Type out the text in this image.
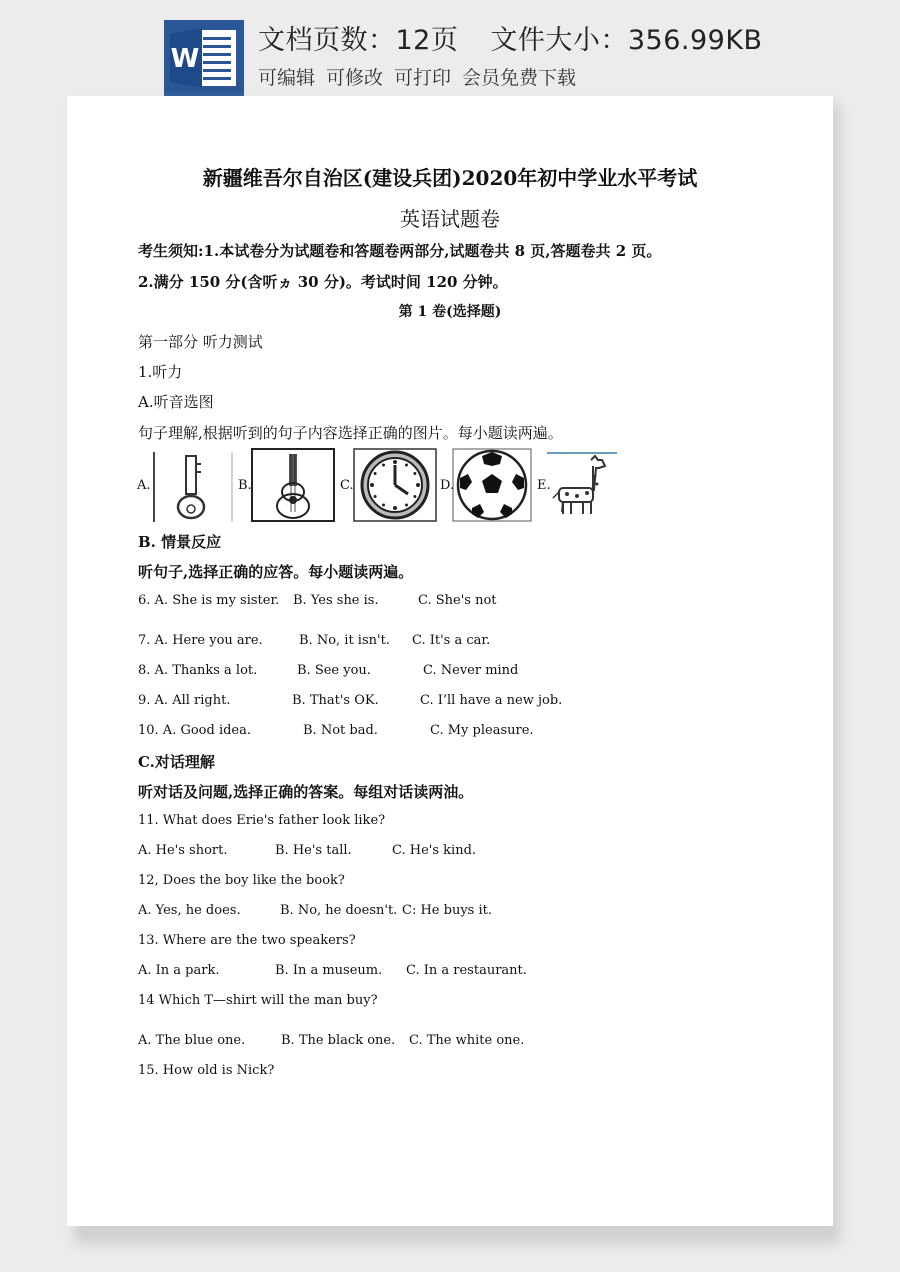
W
文档页数：12页 文件大小：356.99KB
可编辑 可修改 可打印 会员免费下载
新疆维吾尔自治区(建设兵团)2020年初中学业水平考试
英语试题卷
考生须知:1.本试卷分为试题卷和答题卷两部分,试题卷共 8 页,答题卷共 2 页。
2.满分 150 分(含听ヵ 30 分)。考试时间 120 分钟。
第 1 卷(选择题)
第一部分 听力测试
1.听力
A.听音选图
句子理解,根据听到的句子内容选择正确的图片。每小题读两遍。
A.	B.	C.	D.	E.
B. 情景反应
听句子,选择正确的应答。每小题读两遍。
6. A. She is my sister. B. Yes she is.	C. She's not
7. A. Here you are.	B. No, it isn't. C. It's a car.
8. A. Thanks a lot.	B. See you.	C. Never mind
9. A. All right.	B. That's OK.	C. I’ll have a new job.
10. A. Good idea.	B. Not bad.	C. My pleasure.
C.对话理解
听对话及问题,选择正确的答案。每组对话读两油。
11. What does Erie's father look like?
A. He's short.	B. He's tall.	C. He's kind.
12, Does the boy like the book?
A. Yes, he does.	B. No, he doesn't. C: He buys it.
13. Where are the two speakers?
A. In a park.	B. In a museum. C. In a restaurant.
14 Which T—shirt will the man buy?
A. The blue one.	B. The black one. C. The white one.
15. How old is Nick?
